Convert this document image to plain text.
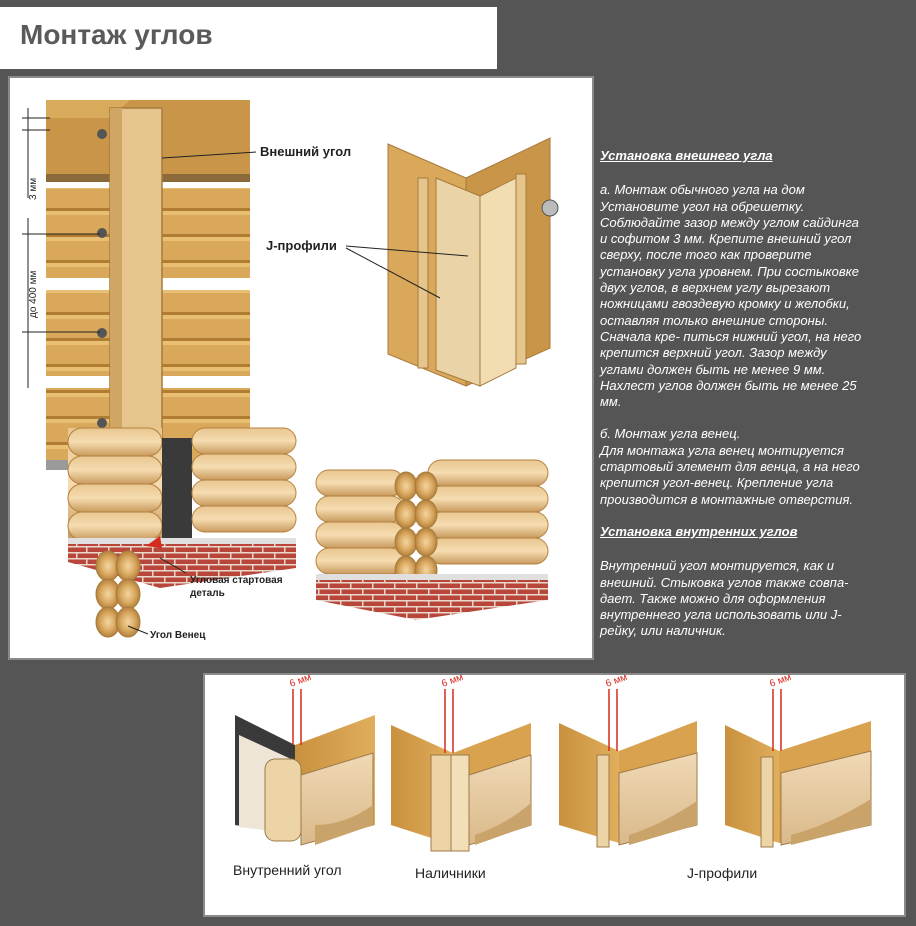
Монтаж углов
3 мм
до 400 мм
Внешний угол
J-профили
Угловая стартовая
деталь
Угол Венец
Установка внешнего угла

а. Монтаж обычного угла на дом
Установите угол на обрешетку.
Соблюдайте зазор между углом сайдинга
и софитом 3 мм. Крепите внешний угол
сверху, после того как проверите
установку угла уровнем. При состыковке
двух углов, в верхнем углу вырезают
ножницами гвоздевую кромку и желобки,
оставляя только внешние стороны.
Сначала кре- питься нижний угол, на него
крепится верхний угол. Зазор между
углами должен быть не менее 9 мм.
Нахлест углов должен быть не менее 25
мм.

б. Монтаж угла венец.
Для монтажа угла венец монтируется
стартовый элемент для венца, а на него
крепится угол-венец. Крепление угла
производится в монтажные отверстия.

Установка внутренних углов

Внутренний угол монтируется, как и
внешний. Стыковка углов также совпа-
дает. Также можно для оформления
внутреннего угла использовать или J-
рейку, или наличник.

6 мм
Внутренний угол
6 мм
Наличники
6 мм	6 мм
J-профили
